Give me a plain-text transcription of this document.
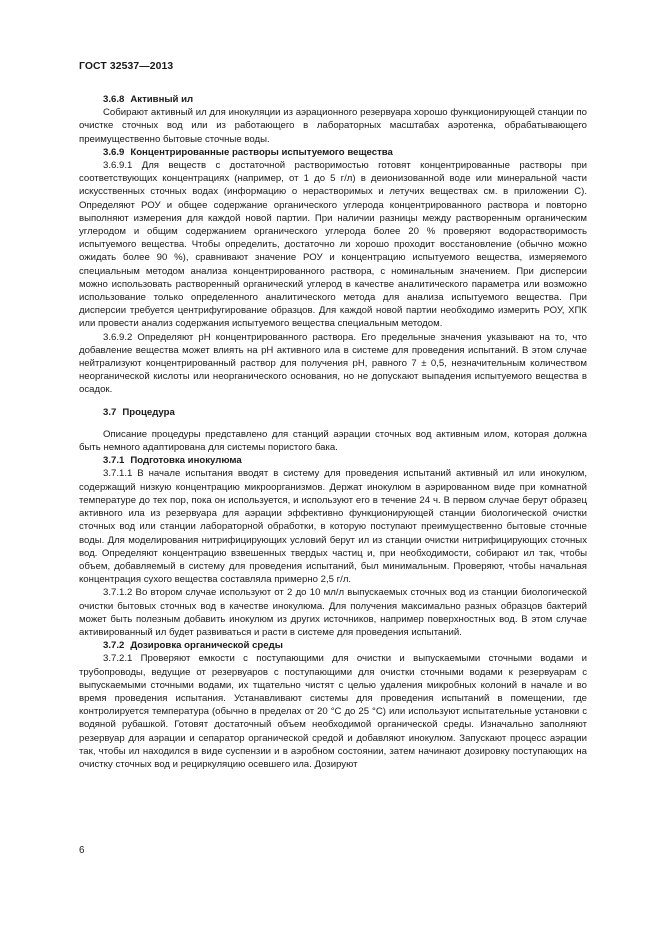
ГОСТ 32537—2013
3.6.8 Активный ил

Собирают активный ил для инокуляции из аэрационного резервуара хорошо функционирующей станции по очистке сточных вод или из работающего в лабораторных масштабах аэротенка, обрабатывающего преимущественно бытовые сточные воды.

3.6.9 Концентрированные растворы испытуемого вещества

3.6.9.1 Для веществ с достаточной растворимостью готовят концентрированные растворы при соответствующих концентрациях (например, от 1 до 5 г/л) в деионизованной воде или минеральной части искусственных сточных водах (информацию о нерастворимых и летучих веществах см. в приложении С). Определяют РОУ и общее содержание органического углерода концентрированного раствора и повторно выполняют измерения для каждой новой партии. При наличии разницы между растворенным органическим углеродом и общим содержанием органического углерода более 20 % проверяют водорастворимость испытуемого вещества. Чтобы определить, достаточно ли хорошо проходит восстановление (обычно можно ожидать более 90 %), сравнивают значение РОУ и концентрацию испытуемого вещества, измеряемого специальным методом анализа концентрированного раствора, с номинальным значением. При дисперсии можно использовать растворенный органический углерод в качестве аналитического параметра или возможно использование только определенного аналитического метода для анализа испытуемого вещества. При дисперсии требуется центрифугирование образцов. Для каждой новой партии необходимо измерить РОУ, ХПК или провести анализ содержания испытуемого вещества специальным методом.

3.6.9.2 Определяют рН концентрированного раствора. Его предельные значения указывают на то, что добавление вещества может влиять на рН активного ила в системе для проведения испытаний. В этом случае нейтрализуют концентрированный раствор для получения рН, равного 7 ± 0,5, незначительным количеством неорганической кислоты или неорганического основания, но не допускают выпадения испытуемого вещества в осадок.

3.7 Процедура

Описание процедуры представлено для станций аэрации сточных вод активным илом, которая должна быть немного адаптирована для системы пористого бака.

3.7.1 Подготовка инокулюма

3.7.1.1 В начале испытания вводят в систему для проведения испытаний активный ил или инокулюм, содержащий низкую концентрацию микроорганизмов. Держат инокулюм в аэрированном виде при комнатной температуре до тех пор, пока он используется, и используют его в течение 24 ч. В первом случае берут образец активного ила из резервуара для аэрации эффективно функционирующей станции биологической очистки сточных вод или станции лабораторной обработки, в которую поступают преимущественно бытовые сточные воды. Для моделирования нитрифицирующих условий берут ил из станции очистки нитрифицирующих сточных вод. Определяют концентрацию взвешенных твердых частиц и, при необходимости, собирают ил так, чтобы объем, добавляемый в систему для проведения испытаний, был минимальным. Проверяют, чтобы начальная концентрация сухого вещества составляла примерно 2,5 г/л.

3.7.1.2 Во втором случае используют от 2 до 10 мл/л выпускаемых сточных вод из станции биологической очистки бытовых сточных вод в качестве инокулюма. Для получения максимально разных образцов бактерий может быть полезным добавить инокулюм из других источников, например поверхностных вод. В этом случае активированный ил будет развиваться и расти в системе для проведения испытаний.

3.7.2 Дозировка органической среды

3.7.2.1 Проверяют емкости с поступающими для очистки и выпускаемыми сточными водами и трубопроводы, ведущие от резервуаров с поступающими для очистки сточными водами к резервуарам с выпускаемыми сточными водами, их тщательно чистят с целью удаления микробных колоний в начале и во время проведения испытания. Устанавливают системы для проведения испытаний в помещении, где контролируется температура (обычно в пределах от 20 °С до 25 °С) или используют испытательные установки с водяной рубашкой. Готовят достаточный объем необходимой органической среды. Изначально заполняют резервуар для аэрации и сепаратор органической средой и добавляют инокулюм. Запускают процесс аэрации так, чтобы ил находился в виде суспензии и в аэробном состоянии, затем начинают дозировку поступающих на очистку сточных вод и рециркуляцию осевшего ила. Дозируют

6
